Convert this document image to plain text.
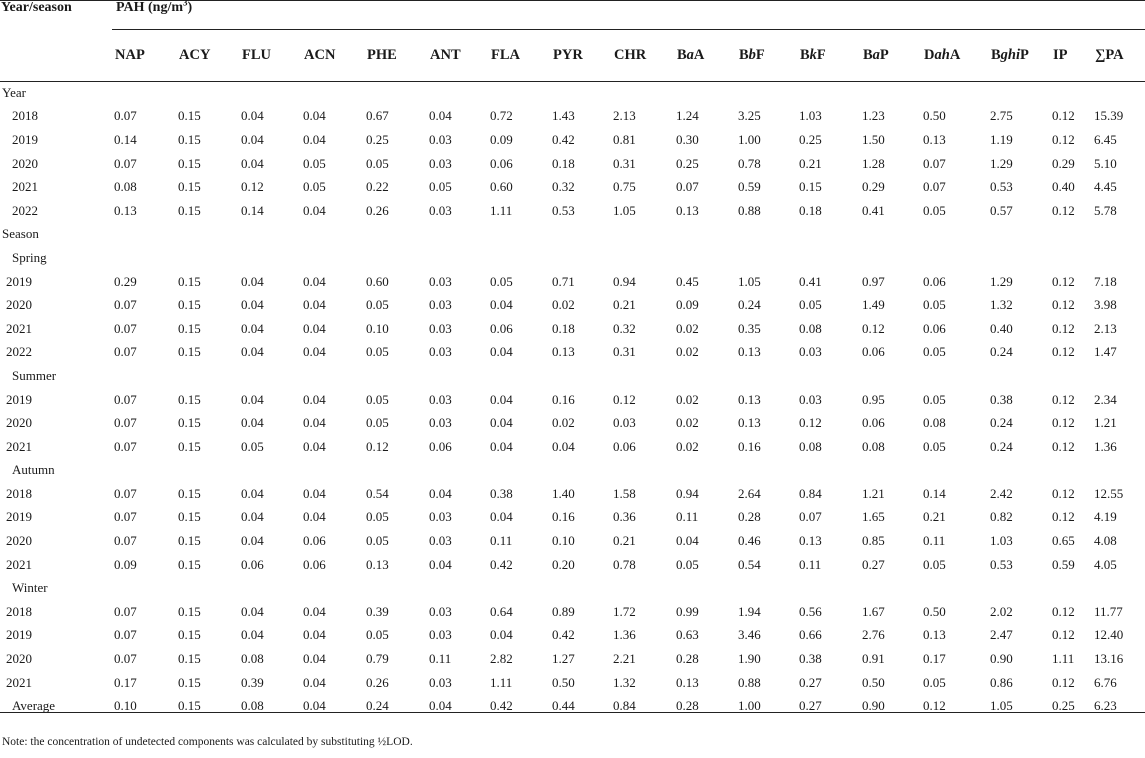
Year/season	PAH $(ng/m^3)$																
	NAP	ACY	FLU	ACN	PHE	ANT	FLA	PYR	CHR	BaA	BbF	BkF	BaP	DahA	BghiP	IP	∑PA
Year																	
2018	0.07	0.15	0.04	0.04	0.67	0.04	0.72	1.43	2.13	1.24	3.25	1.03	1.23	0.50	2.75	0.12	15.39
2019	0.14	0.15	0.04	0.04	0.25	0.03	0.09	0.42	0.81	0.30	1.00	0.25	1.50	0.13	1.19	0.12	6.45
2020	0.07	0.15	0.04	0.05	0.05	0.03	0.06	0.18	0.31	0.25	0.78	0.21	1.28	0.07	1.29	0.29	5.10
2021	0.08	0.15	0.12	0.05	0.22	0.05	0.60	0.32	0.75	0.07	0.59	0.15	0.29	0.07	0.53	0.40	4.45
2022	0.13	0.15	0.14	0.04	0.26	0.03	1.11	0.53	1.05	0.13	0.88	0.18	0.41	0.05	0.57	0.12	5.78
Season																	
Spring																	
2019	0.29	0.15	0.04	0.04	0.60	0.03	0.05	0.71	0.94	0.45	1.05	0.41	0.97	0.06	1.29	0.12	7.18
2020	0.07	0.15	0.04	0.04	0.05	0.03	0.04	0.02	0.21	0.09	0.24	0.05	1.49	0.05	1.32	0.12	3.98
2021	0.07	0.15	0.04	0.04	0.10	0.03	0.06	0.18	0.32	0.02	0.35	0.08	0.12	0.06	0.40	0.12	2.13
2022	0.07	0.15	0.04	0.04	0.05	0.03	0.04	0.13	0.31	0.02	0.13	0.03	0.06	0.05	0.24	0.12	1.47
Summer																	
2019	0.07	0.15	0.04	0.04	0.05	0.03	0.04	0.16	0.12	0.02	0.13	0.03	0.95	0.05	0.38	0.12	2.34
2020	0.07	0.15	0.04	0.04	0.05	0.03	0.04	0.02	0.03	0.02	0.13	0.12	0.06	0.08	0.24	0.12	1.21
2021	0.07	0.15	0.05	0.04	0.12	0.06	0.04	0.04	0.06	0.02	0.16	0.08	0.08	0.05	0.24	0.12	1.36
Autumn																	
2018	0.07	0.15	0.04	0.04	0.54	0.04	0.38	1.40	1.58	0.94	2.64	0.84	1.21	0.14	2.42	0.12	12.55
2019	0.07	0.15	0.04	0.04	0.05	0.03	0.04	0.16	0.36	0.11	0.28	0.07	1.65	0.21	0.82	0.12	4.19
2020	0.07	0.15	0.04	0.06	0.05	0.03	0.11	0.10	0.21	0.04	0.46	0.13	0.85	0.11	1.03	0.65	4.08
2021	0.09	0.15	0.06	0.06	0.13	0.04	0.42	0.20	0.78	0.05	0.54	0.11	0.27	0.05	0.53	0.59	4.05
Winter																	
2018	0.07	0.15	0.04	0.04	0.39	0.03	0.64	0.89	1.72	0.99	1.94	0.56	1.67	0.50	2.02	0.12	11.77
2019	0.07	0.15	0.04	0.04	0.05	0.03	0.04	0.42	1.36	0.63	3.46	0.66	2.76	0.13	2.47	0.12	12.40
2020	0.07	0.15	0.08	0.04	0.79	0.11	2.82	1.27	2.21	0.28	1.90	0.38	0.91	0.17	0.90	1.11	13.16
2021	0.17	0.15	0.39	0.04	0.26	0.03	1.11	0.50	1.32	0.13	0.88	0.27	0.50	0.05	0.86	0.12	6.76
Average	0.10	0.15	0.08	0.04	0.24	0.04	0.42	0.44	0.84	0.28	1.00	0.27	0.90	0.12	1.05	0.25	6.23
Note: the concentration of undetected components was calculated by substituting ½LOD.
